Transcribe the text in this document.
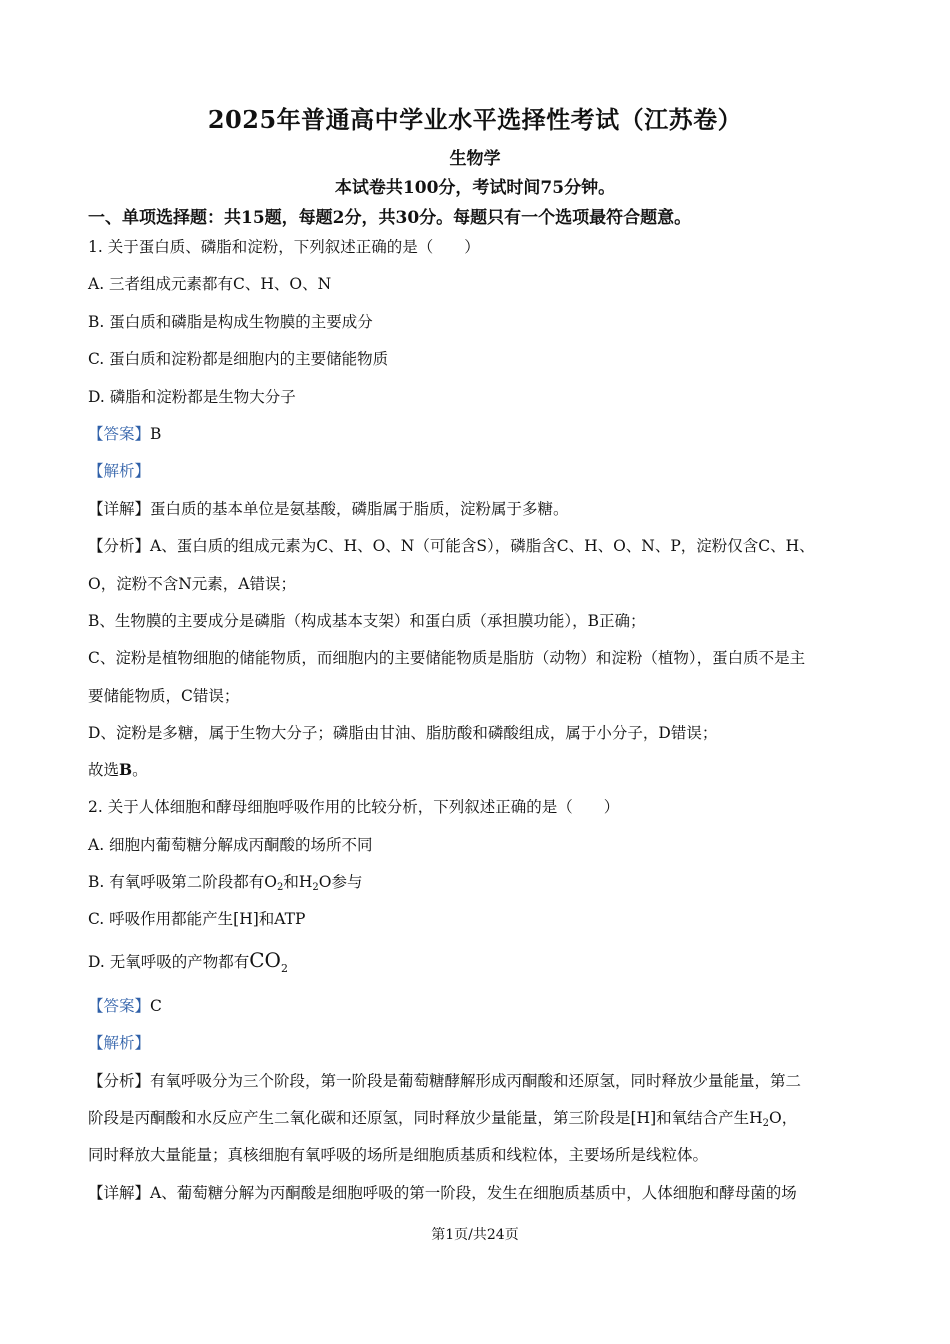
2025年普通高中学业水平选择性考试（江苏卷）
生物学
本试卷共100分，考试时间75分钟。
一、单项选择题：共15题，每题2分，共30分。每题只有一个选项最符合题意。
1. 关于蛋白质、磷脂和淀粉，下列叙述正确的是（　　）
A. 三者组成元素都有C、H、O、N
B. 蛋白质和磷脂是构成生物膜的主要成分
C. 蛋白质和淀粉都是细胞内的主要储能物质
D. 磷脂和淀粉都是生物大分子
【答案】B
【解析】
【详解】蛋白质的基本单位是氨基酸，磷脂属于脂质，淀粉属于多糖。
【分析】A、蛋白质的组成元素为C、H、O、N（可能含S），磷脂含C、H、O、N、P，淀粉仅含C、H、
O，淀粉不含N元素，A错误；
B、生物膜的主要成分是磷脂（构成基本支架）和蛋白质（承担膜功能），B正确；
C、淀粉是植物细胞的储能物质，而细胞内的主要储能物质是脂肪（动物）和淀粉（植物），蛋白质不是主
要储能物质，C错误；
D、淀粉是多糖，属于生物大分子；磷脂由甘油、脂肪酸和磷酸组成，属于小分子，D错误；
故选B。
2. 关于人体细胞和酵母细胞呼吸作用的比较分析，下列叙述正确的是（　　）
A. 细胞内葡萄糖分解成丙酮酸的场所不同
B. 有氧呼吸第二阶段都有$O_2$和$H_2O$参与
C. 呼吸作用都能产生[H]和ATP
D. 无氧呼吸的产物都有$CO_2$
【答案】C
【解析】
【分析】有氧呼吸分为三个阶段，第一阶段是葡萄糖酵解形成丙酮酸和还原氢，同时释放少量能量，第二
阶段是丙酮酸和水反应产生二氧化碳和还原氢，同时释放少量能量，第三阶段是[H]和氧结合产生$H_2O$，
同时释放大量能量；真核细胞有氧呼吸的场所是细胞质基质和线粒体，主要场所是线粒体。
【详解】A、葡萄糖分解为丙酮酸是细胞呼吸的第一阶段，发生在细胞质基质中，人体细胞和酵母菌的场
第1页/共24页
